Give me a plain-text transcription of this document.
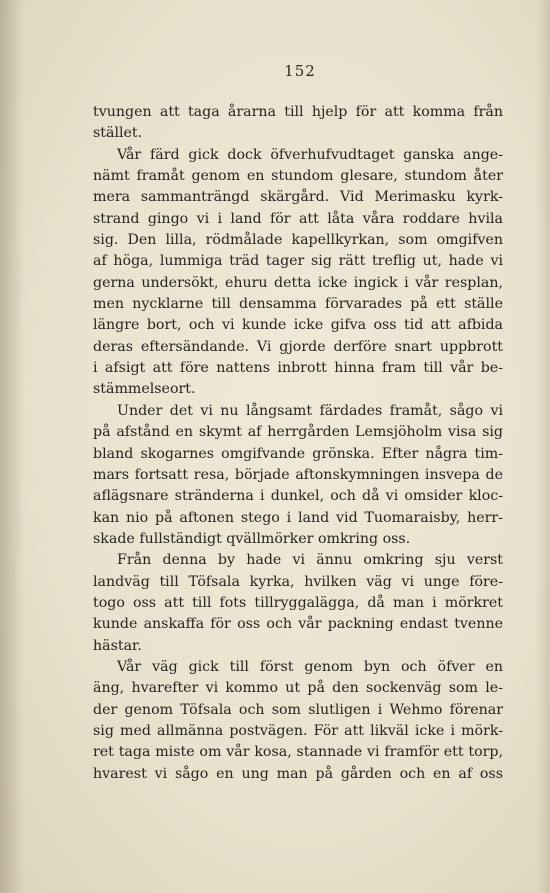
152
tvungen att taga årarna till hjelp för att komma från
stället.
Vår färd gick dock öfverhufvudtaget ganska ange-
nämt framåt genom en stundom glesare, stundom åter
mera sammanträngd skärgård. Vid Merimasku kyrk-
strand gingo vi i land för att låta våra roddare hvila
sig. Den lilla, rödmålade kapellkyrkan, som omgifven
af höga, lummiga träd tager sig rätt treflig ut, hade vi
gerna undersökt, ehuru detta icke ingick i vår resplan,
men nycklarne till densamma förvarades på ett ställe
längre bort, och vi kunde icke gifva oss tid att afbida
deras eftersändande. Vi gjorde derföre snart uppbrott
i afsigt att före nattens inbrott hinna fram till vår be-
stämmelseort.
Under det vi nu långsamt färdades framåt, sågo vi
på afstånd en skymt af herrgården Lemsjöholm visa sig
bland skogarnes omgifvande grönska. Efter några tim-
mars fortsatt resa, började aftonskymningen insvepa de
aflägsnare stränderna i dunkel, och då vi omsider kloc-
kan nio på aftonen stego i land vid Tuomaraisby, herr-
skade fullständigt qvällmörker omkring oss.
Från denna by hade vi ännu omkring sju verst
landväg till Töfsala kyrka, hvilken väg vi unge före-
togo oss att till fots tillryggalägga, då man i mörkret
kunde anskaffa för oss och vår packning endast tvenne
hästar.
Vår väg gick till först genom byn och öfver en
äng, hvarefter vi kommo ut på den sockenväg som le-
der genom Töfsala och som slutligen i Wehmo förenar
sig med allmänna postvägen. För att likväl icke i mörk-
ret taga miste om vår kosa, stannade vi framför ett torp,
hvarest vi sågo en ung man på gården och en af oss
